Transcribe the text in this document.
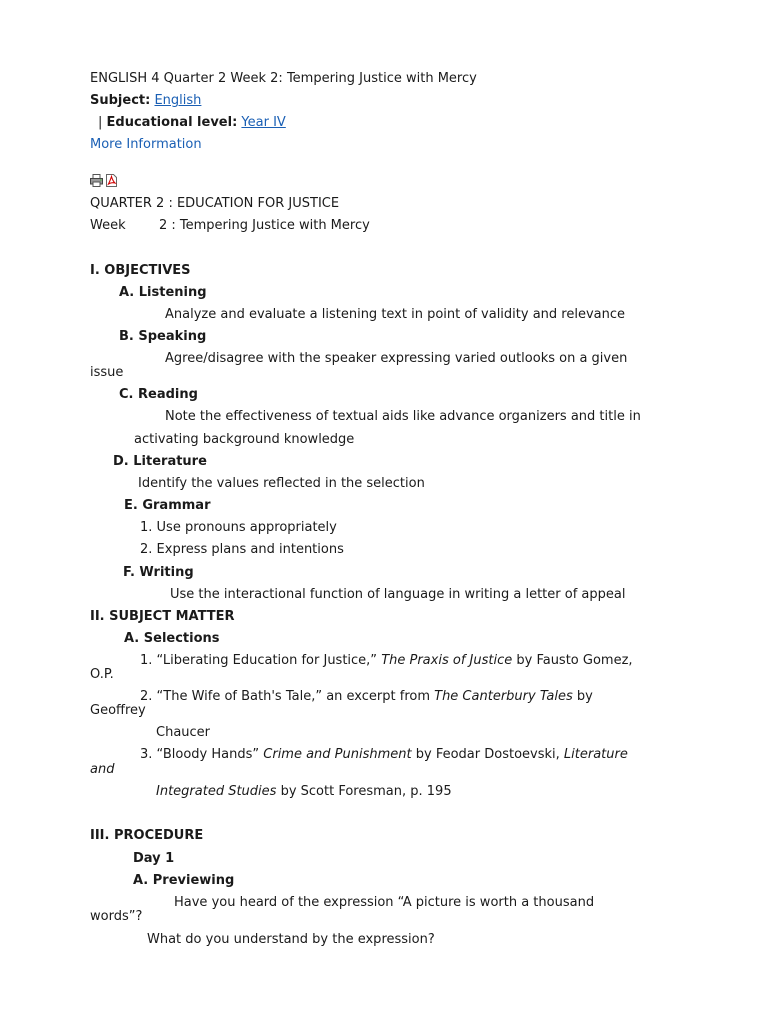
ENGLISH 4 Quarter 2 Week 2: Tempering Justice with Mercy
Subject: English
| Educational level: Year IV
More Information
QUARTER 2 : EDUCATION FOR JUSTICE
Week	2 : Tempering Justice with Mercy
I. OBJECTIVES
A. Listening
Analyze and evaluate a listening text in point of validity and relevance
B. Speaking
Agree/disagree with the speaker expressing varied outlooks on a given
issue
C. Reading
Note the effectiveness of textual aids like advance organizers and title in
activating background knowledge
D. Literature
Identify the values reflected in the selection
E. Grammar
1. Use pronouns appropriately
2. Express plans and intentions
F. Writing
Use the interactional function of language in writing a letter of appeal
II. SUBJECT MATTER
A. Selections
1. “Liberating Education for Justice,” The Praxis of Justice by Fausto Gomez,
O.P.
2. “The Wife of Bath's Tale,” an excerpt from The Canterbury Tales by
Geoffrey
Chaucer
3. “Bloody Hands” Crime and Punishment by Feodar Dostoevski, Literature
and
Integrated Studies by Scott Foresman, p. 195
III. PROCEDURE
Day 1
A. Previewing
Have you heard of the expression “A picture is worth a thousand
words”?
What do you understand by the expression?
